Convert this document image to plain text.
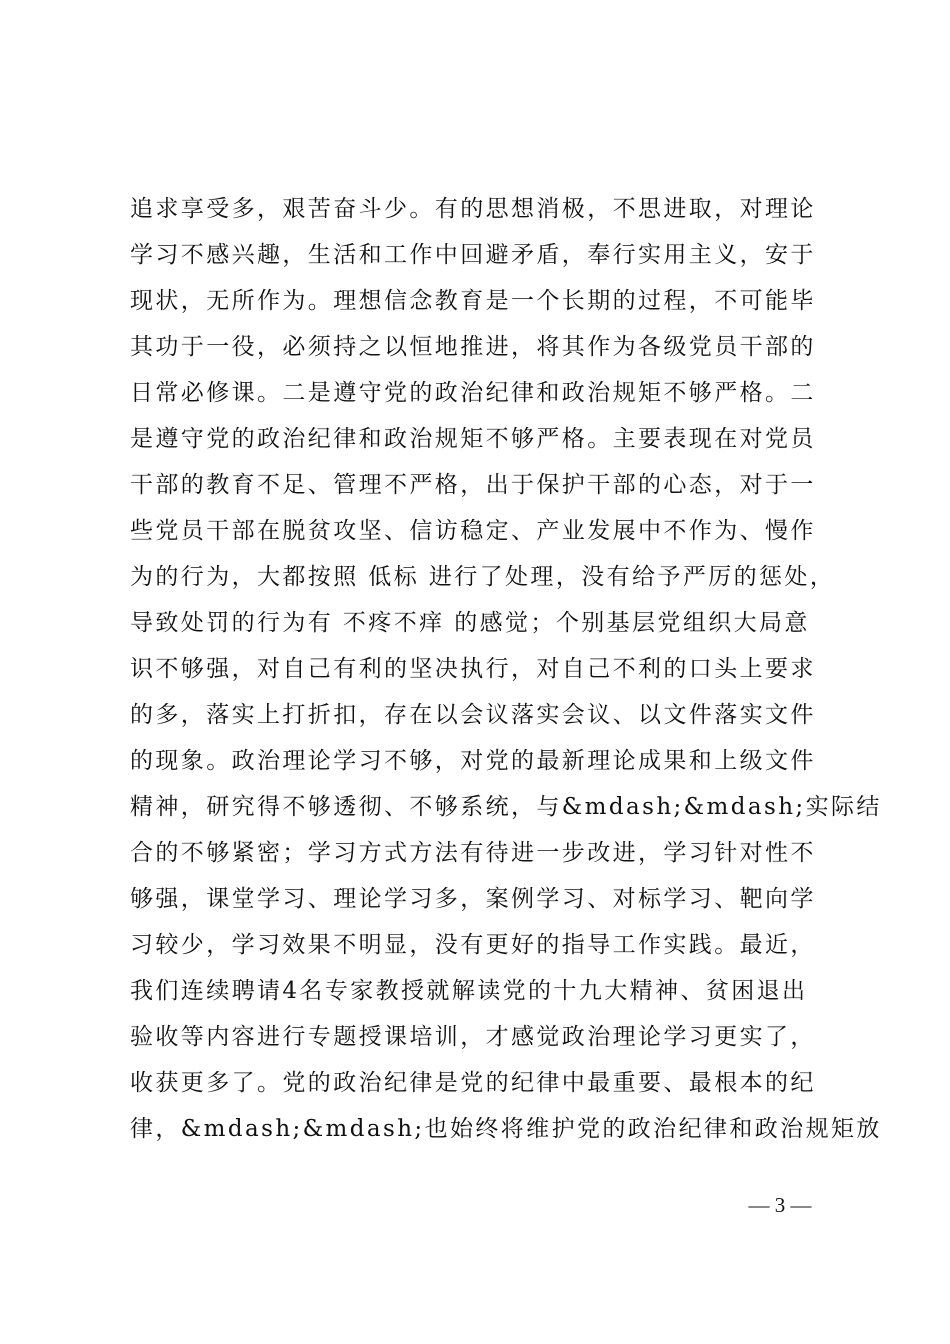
追求享受多，艰苦奋斗少。有的思想消极，不思进取，对理论
学习不感兴趣，生活和工作中回避矛盾，奉行实用主义，安于
现状，无所作为。理想信念教育是一个长期的过程，不可能毕
其功于一役，必须持之以恒地推进，将其作为各级党员干部的
日常必修课。二是遵守党的政治纪律和政治规矩不够严格。二
是遵守党的政治纪律和政治规矩不够严格。主要表现在对党员
干部的教育不足、管理不严格，出于保护干部的心态，对于一
些党员干部在脱贫攻坚、信访稳定、产业发展中不作为、慢作
为的行为，大都按照 低标 进行了处理，没有给予严厉的惩处，
导致处罚的行为有 不疼不痒 的感觉；个别基层党组织大局意
识不够强，对自己有利的坚决执行，对自己不利的口头上要求
的多，落实上打折扣，存在以会议落实会议、以文件落实文件
的现象。政治理论学习不够，对党的最新理论成果和上级文件
精神，研究得不够透彻、不够系统，与&mdash;&mdash;实际结
合的不够紧密；学习方式方法有待进一步改进，学习针对性不
够强，课堂学习、理论学习多，案例学习、对标学习、靶向学
习较少，学习效果不明显，没有更好的指导工作实践。最近，
我们连续聘请4名专家教授就解读党的十九大精神、贫困退出
验收等内容进行专题授课培训，才感觉政治理论学习更实了，
收获更多了。党的政治纪律是党的纪律中最重要、最根本的纪
律，&mdash;&mdash;也始终将维护党的政治纪律和政治规矩放
— 3 —
